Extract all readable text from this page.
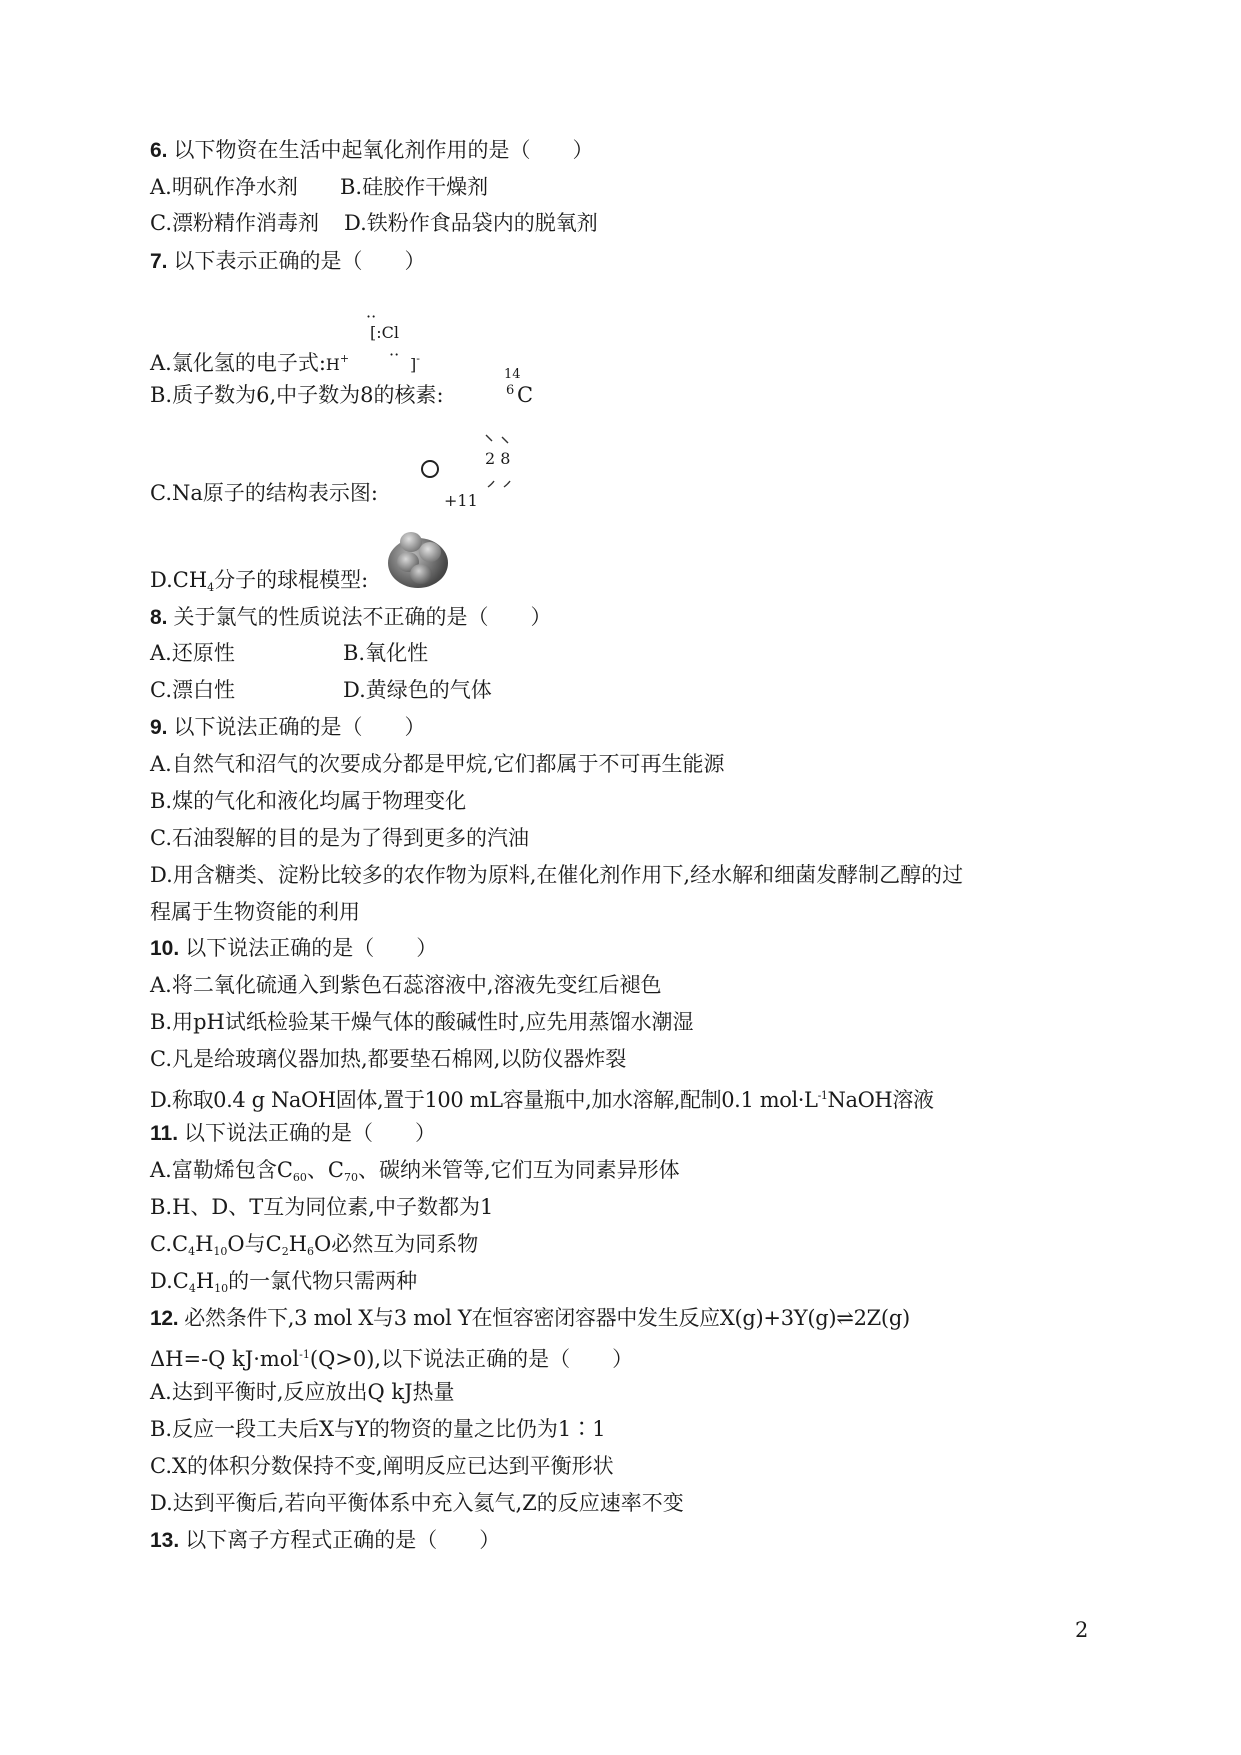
6. 以下物资在生活中起氧化剂作用的是（　　）
A.明矾作净水剂 B.硅胶作干燥剂
C.漂粉精作消毒剂 D.铁粉作食品袋内的脱氧剂
7. 以下表示正确的是（　　）
A.氯化氢的电子式:H+
··
[:Cl
··
]-
B.质子数为6,中子数为8的核素:
14
6 C
C.Na原子的结构表示图:	+11
2 8
$D.CH_4$分子的球棍模型:
8. 关于氯气的性质说法不正确的是（　　）
A.还原性	B.氧化性
C.漂白性	D.黄绿色的气体
9. 以下说法正确的是（　　）
A.自然气和沼气的次要成分都是甲烷,它们都属于不可再生能源
B.煤的气化和液化均属于物理变化
C.石油裂解的目的是为了得到更多的汽油
D.用含糖类、淀粉比较多的农作物为原料,在催化剂作用下,经水解和细菌发酵制乙醇的过
程属于生物资能的利用
10. 以下说法正确的是（　　）
A.将二氧化硫通入到紫色石蕊溶液中,溶液先变红后褪色
B.用pH试纸检验某干燥气体的酸碱性时,应先用蒸馏水潮湿
C.凡是给玻璃仪器加热,都要垫石棉网,以防仪器炸裂
D.称取0.4 g NaOH固体,置于100 mL容量瓶中,加水溶解,配制0.1 $mol\cdot L^{-1}NaOH$溶液
11. 以下说法正确的是（　　）
A.富勒烯包含$C_{60}$、$C_{70}$、碳纳米管等,它们互为同素异形体
B.H、D、T互为同位素,中子数都为1
$C.C_4H_{10}O$与$C_2H_6O$必然互为同系物
$D.C_4H_{10}$的一氯代物只需两种
12. 必然条件下,3 mol X与3 mol Y在恒容密闭容器中发生反应X(g)+3Y(g)⇌2Z(g)
ΔH=-Q kJ·mol$^{-1}$(Q>0),以下说法正确的是（　　）
A.达到平衡时,反应放出Q kJ热量
B.反应一段工夫后X与Y的物资的量之比仍为1∶1
C.X的体积分数保持不变,阐明反应已达到平衡形状
D.达到平衡后,若向平衡体系中充入氦气,Z的反应速率不变
13. 以下离子方程式正确的是（　　）
2
